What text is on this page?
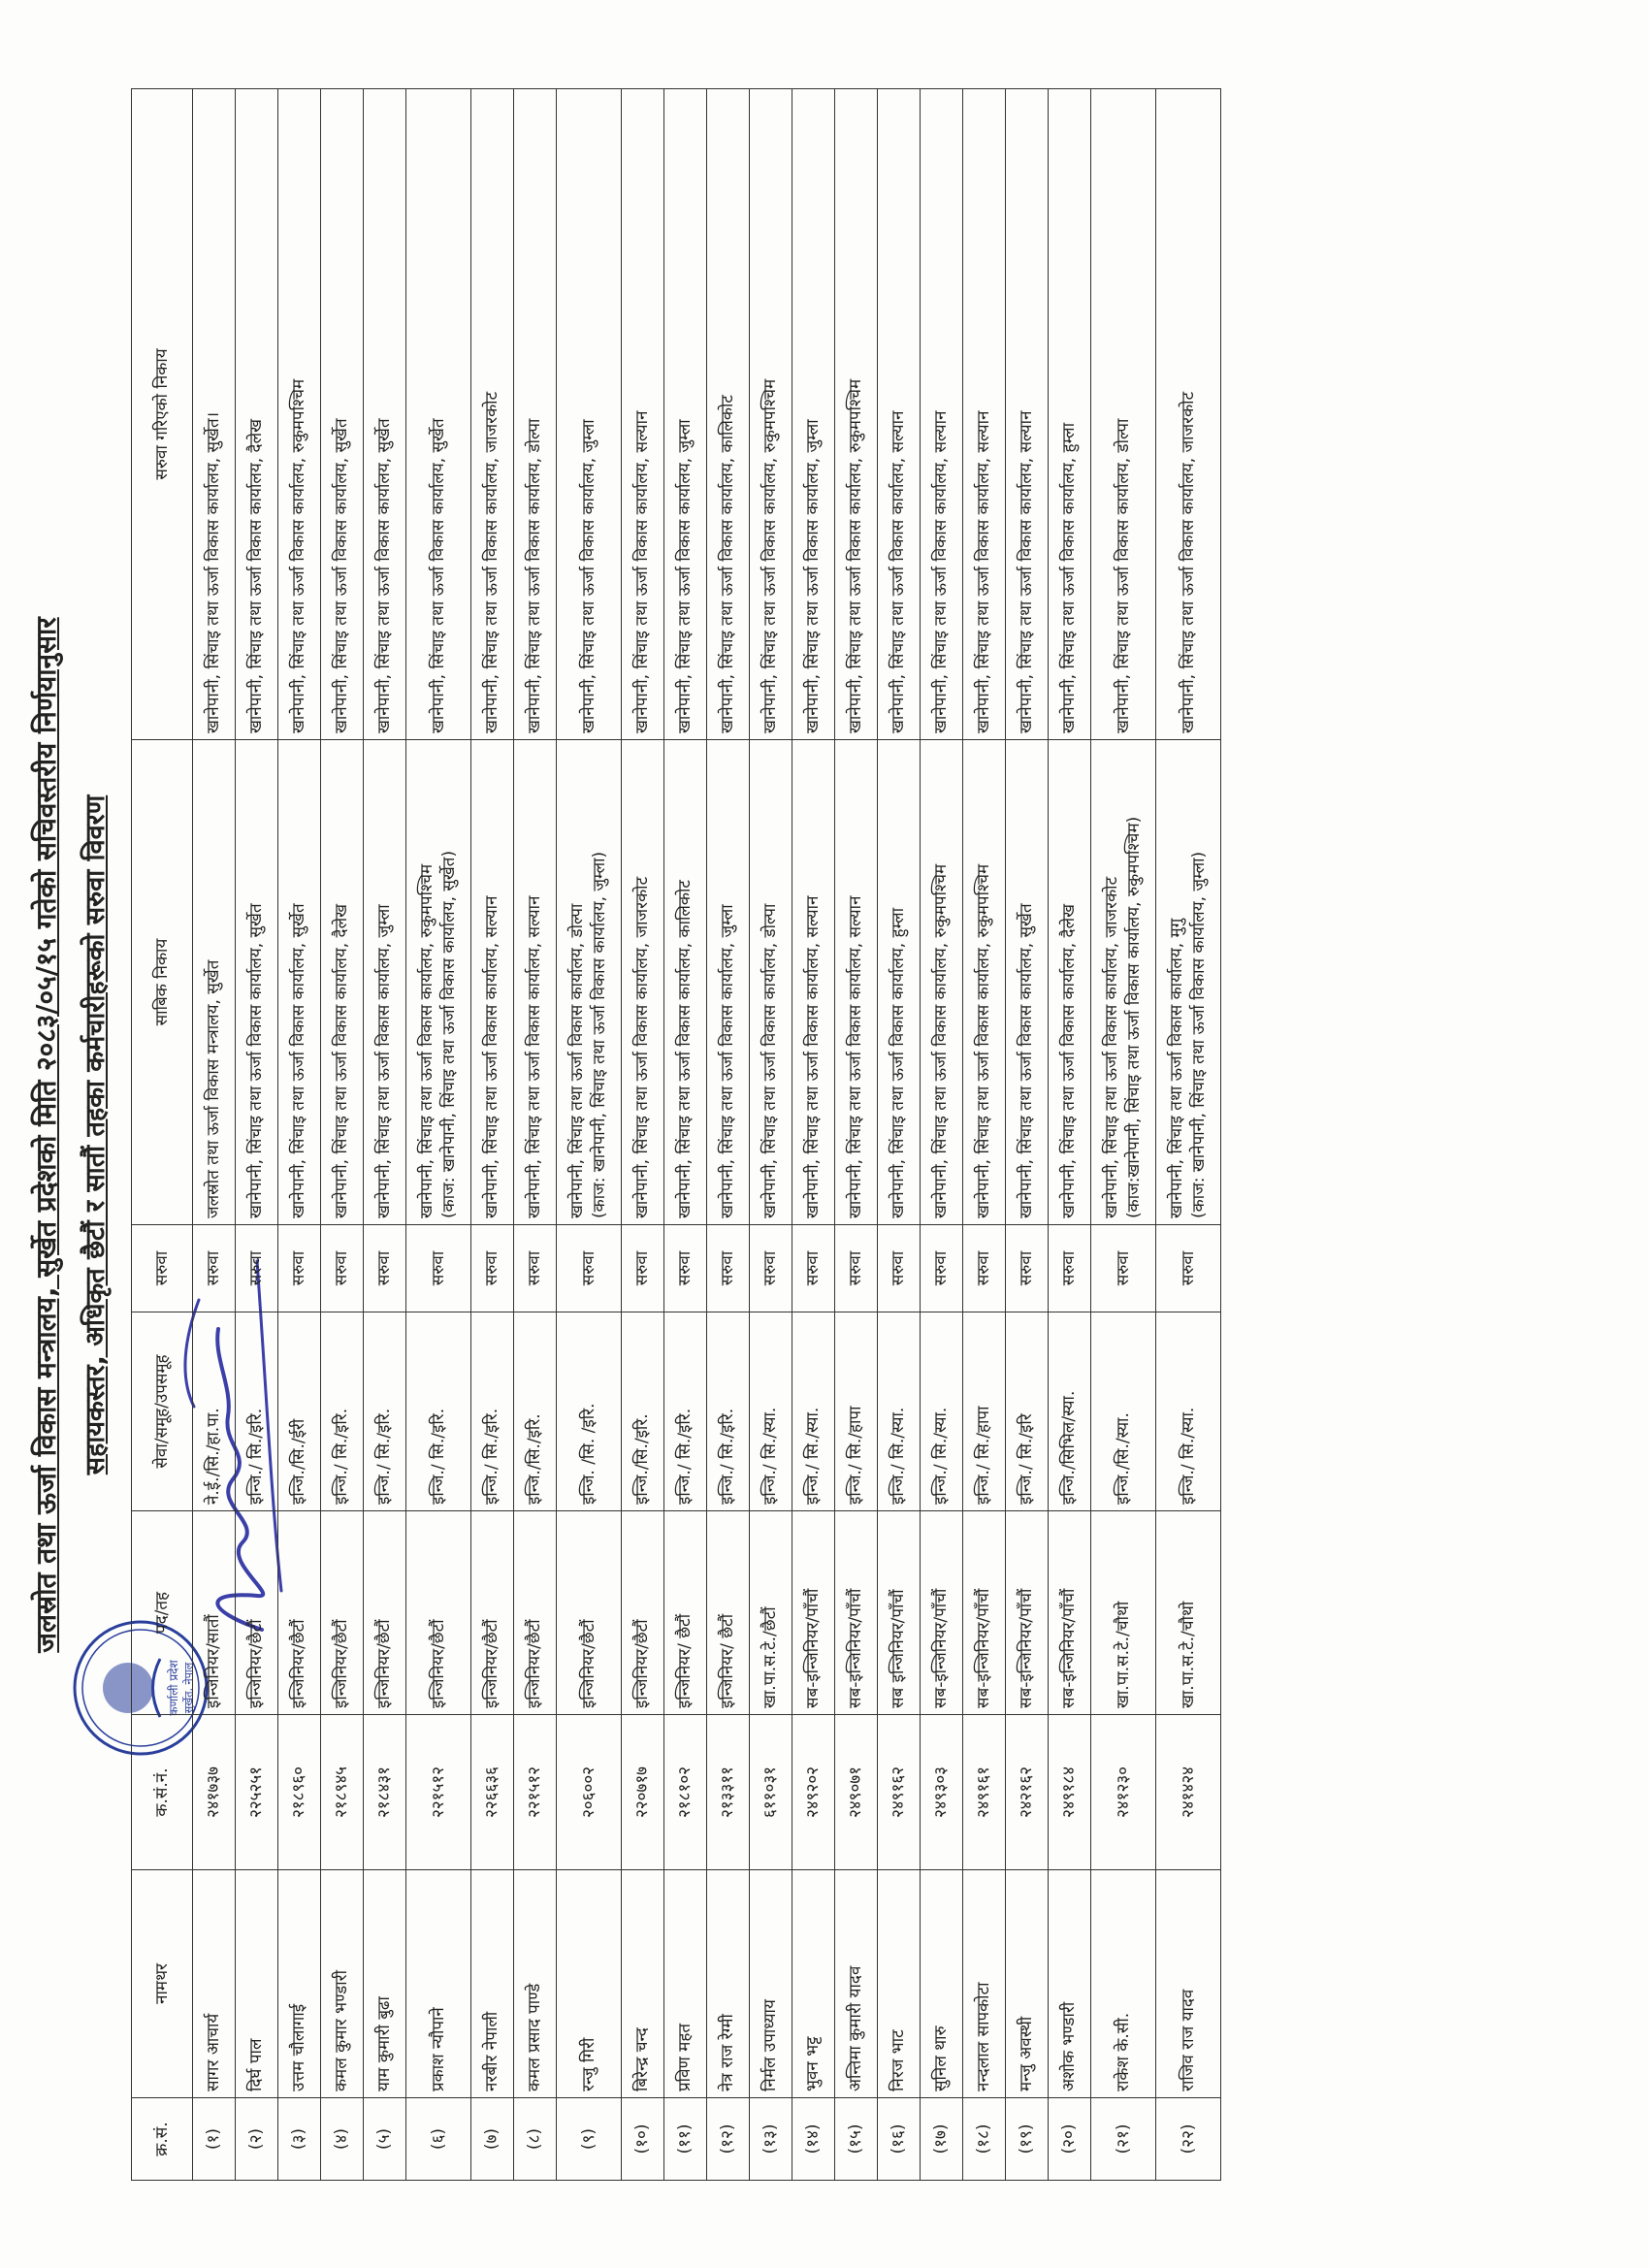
जलस्रोत तथा ऊर्जा विकास मन्त्रालय, सुर्खेत प्रदेशको मिति २०८३/०५/१५ गतेको सचिवस्तरीय निर्णयानुसार सहायकस्तर, अधिकृत छैटौं र सातौं तहका कर्मचारीहरूको सरुवा विवरण
कर्णाली प्रदेश सुर्खेत, नेपाल
क्र.सं.	नामथर	क.सं.नं.	पद/तह	सेवा/समूह/उपसमूह	सरुवा	साबिक निकाय	सरुवा गरिएको निकाय
(१)	सागर आचार्य	२४१७३७	इन्जिनियर/सातौं	ने.ई./सि./हा.पा.	सरुवा	जलस्रोत तथा ऊर्जा विकास मन्त्रालय, सुर्खेत	खानेपानी, सिंचाइ तथा ऊर्जा विकास कार्यालय, सुर्खेत।
(२)	दिर्घ पाल	२२५२५१	इन्जिनियर/छैटौं	इन्जि./ सि./इरि.	सरुवा	खानेपानी, सिंचाइ तथा ऊर्जा विकास कार्यालय, सुर्खेत	खानेपानी, सिंचाइ तथा ऊर्जा विकास कार्यालय, दैलेख
(३)	उत्तम चौलागाई	२१८९६०	इन्जिनियर/छैटौं	इन्जि./सि./ईरी	सरुवा	खानेपानी, सिंचाइ तथा ऊर्जा विकास कार्यालय, सुर्खेत	खानेपानी, सिंचाइ तथा ऊर्जा विकास कार्यालय, रुकुमपश्चिम
(४)	कमल कुमार भण्डारी	२१८९४५	इन्जिनियर/छैटौं	इन्जि./ सि./इरि.	सरुवा	खानेपानी, सिंचाइ तथा ऊर्जा विकास कार्यालय, दैलेख	खानेपानी, सिंचाइ तथा ऊर्जा विकास कार्यालय, सुर्खेत
(५)	याम कुमारी बुढा	२१८४३१	इन्जिनियर/छैटौं	इन्जि./ सि./इरि.	सरुवा	खानेपानी, सिंचाइ तथा ऊर्जा विकास कार्यालय, जुम्ला	खानेपानी, सिंचाइ तथा ऊर्जा विकास कार्यालय, सुर्खेत
(६)	प्रकाश न्यौपाने	२२१५१२	इन्जिनियर/छैटौं	इन्जि./ सि./इरि.	सरुवा	खानेपानी, सिंचाइ तथा ऊर्जा विकास कार्यालय, रुकुमपश्चिम (काज: खानेपानी, सिंचाइ तथा ऊर्जा विकास कार्यालय, सुर्खेत)	खानेपानी, सिंचाइ तथा ऊर्जा विकास कार्यालय, सुर्खेत
(७)	नरबीर नेपाली	२२६६३६	इन्जिनियर/छैटौं	इन्जि./ सि./इरि.	सरुवा	खानेपानी, सिंचाइ तथा ऊर्जा विकास कार्यालय, सल्यान	खानेपानी, सिंचाइ तथा ऊर्जा विकास कार्यालय, जाजरकोट
(८)	कमल प्रसाद पाण्डे	२२१५१२	इन्जिनियर/छैटौं	इन्जि./सि./इरि.	सरुवा	खानेपानी, सिंचाइ तथा ऊर्जा विकास कार्यालय, सल्यान	खानेपानी, सिंचाइ तथा ऊर्जा विकास कार्यालय, डोल्पा
(९)	रन्जु गिरी	२०६००२	इन्जिनियर/छैटौं	इन्जि. /सि. /इरि.	सरुवा	खानेपानी, सिंचाइ तथा ऊर्जा विकास कार्यालय, डोल्पा (काज: खानेपानी, सिंचाइ तथा ऊर्जा विकास कार्यालय, जुम्ला)	खानेपानी, सिंचाइ तथा ऊर्जा विकास कार्यालय, जुम्ला
(१०)	बिरेन्द्र चन्द	२२०७१७	इन्जिनियर/छैटौं	इन्जि./सि./इरि.	सरुवा	खानेपानी, सिंचाइ तथा ऊर्जा विकास कार्यालय, जाजरकोट	खानेपानी, सिंचाइ तथा ऊर्जा विकास कार्यालय, सल्यान
(११)	प्रविण महत	२१८१०२	इन्जिनियर/ छैटौं	इन्जि./ सि./इरि.	सरुवा	खानेपानी, सिंचाइ तथा ऊर्जा विकास कार्यालय, कालिकोट	खानेपानी, सिंचाइ तथा ऊर्जा विकास कार्यालय, जुम्ला
(१२)	नेत्र राज रेग्मी	२१३३११	इन्जिनियर/ छैटौं	इन्जि./ सि./इरि.	सरुवा	खानेपानी, सिंचाइ तथा ऊर्जा विकास कार्यालय, जुम्ला	खानेपानी, सिंचाइ तथा ऊर्जा विकास कार्यालय, कालिकोट
(१३)	निर्मल उपाध्याय	६११०३१	खा.पा.स.टे./छैटौं	इन्जि./ सि./स्या.	सरुवा	खानेपानी, सिंचाइ तथा ऊर्जा विकास कार्यालय, डोल्पा	खानेपानी, सिंचाइ तथा ऊर्जा विकास कार्यालय, रुकुमपश्चिम
(१४)	भुवन भट्ट	२४९२०२	सब-इन्जिनियर/पाँचौं	इन्जि./ सि./स्या.	सरुवा	खानेपानी, सिंचाइ तथा ऊर्जा विकास कार्यालय, सल्यान	खानेपानी, सिंचाइ तथा ऊर्जा विकास कार्यालय, जुम्ला
(१५)	अन्तिमा कुमारी यादव	२४९०७१	सब-इन्जिनियर/पाँचौं	इन्जि./ सि./हापा	सरुवा	खानेपानी, सिंचाइ तथा ऊर्जा विकास कार्यालय, सल्यान	खानेपानी, सिंचाइ तथा ऊर्जा विकास कार्यालय, रुकुमपश्चिम
(१६)	निरज भाट	२४९१६२	सब इन्जिनियर/पाँचौं	इन्जि./ सि./स्या.	सरुवा	खानेपानी, सिंचाइ तथा ऊर्जा विकास कार्यालय, हुम्ला	खानेपानी, सिंचाइ तथा ऊर्जा विकास कार्यालय, सल्यान
(१७)	सुनिल थारु	२४९३०३	सब-इन्जिनियर/पाँचौं	इन्जि./ सि./स्या.	सरुवा	खानेपानी, सिंचाइ तथा ऊर्जा विकास कार्यालय, रुकुमपश्चिम	खानेपानी, सिंचाइ तथा ऊर्जा विकास कार्यालय, सल्यान
(१८)	नन्दलाल सापकोटा	२४९१६१	सब-इन्जिनियर/पाँचौं	इन्जि./ सि./हापा	सरुवा	खानेपानी, सिंचाइ तथा ऊर्जा विकास कार्यालय, रुकुमपश्चिम	खानेपानी, सिंचाइ तथा ऊर्जा विकास कार्यालय, सल्यान
(१९)	मन्जु अवस्थी	२४२१६२	सब-इन्जिनियर/पाँचौं	इन्जि./ सि./इरि	सरुवा	खानेपानी, सिंचाइ तथा ऊर्जा विकास कार्यालय, सुर्खेत	खानेपानी, सिंचाइ तथा ऊर्जा विकास कार्यालय, सल्यान
(२०)	अशोक भण्डारी	२४९१८४	सब-इन्जिनियर/पाँचौं	इन्जि./सिभिल/स्या.	सरुवा	खानेपानी, सिंचाइ तथा ऊर्जा विकास कार्यालय, दैलेख	खानेपानी, सिंचाइ तथा ऊर्जा विकास कार्यालय, हुम्ला
(२१)	राकेश के.सी.	२४१२३०	खा.पा.स.टे./चौथो	इन्जि./सि./स्या.	सरुवा	खानेपानी, सिंचाइ तथा ऊर्जा विकास कार्यालय, जाजरकोट (काज:खानेपानी, सिंचाइ तथा ऊर्जा विकास कार्यालय, रुकुमपश्चिम)	खानेपानी, सिंचाइ तथा ऊर्जा विकास कार्यालय, डोल्पा
(२२)	राजिव राज यादव	२४१४२४	खा.पा.स.टे./चौथो	इन्जि./ सि./स्या.	सरुवा	खानेपानी, सिंचाइ तथा ऊर्जा विकास कार्यालय, मुगु (काज: खानेपानी, सिंचाइ तथा ऊर्जा विकास कार्यालय, जुम्ला)	खानेपानी, सिंचाइ तथा ऊर्जा विकास कार्यालय, जाजरकोट
